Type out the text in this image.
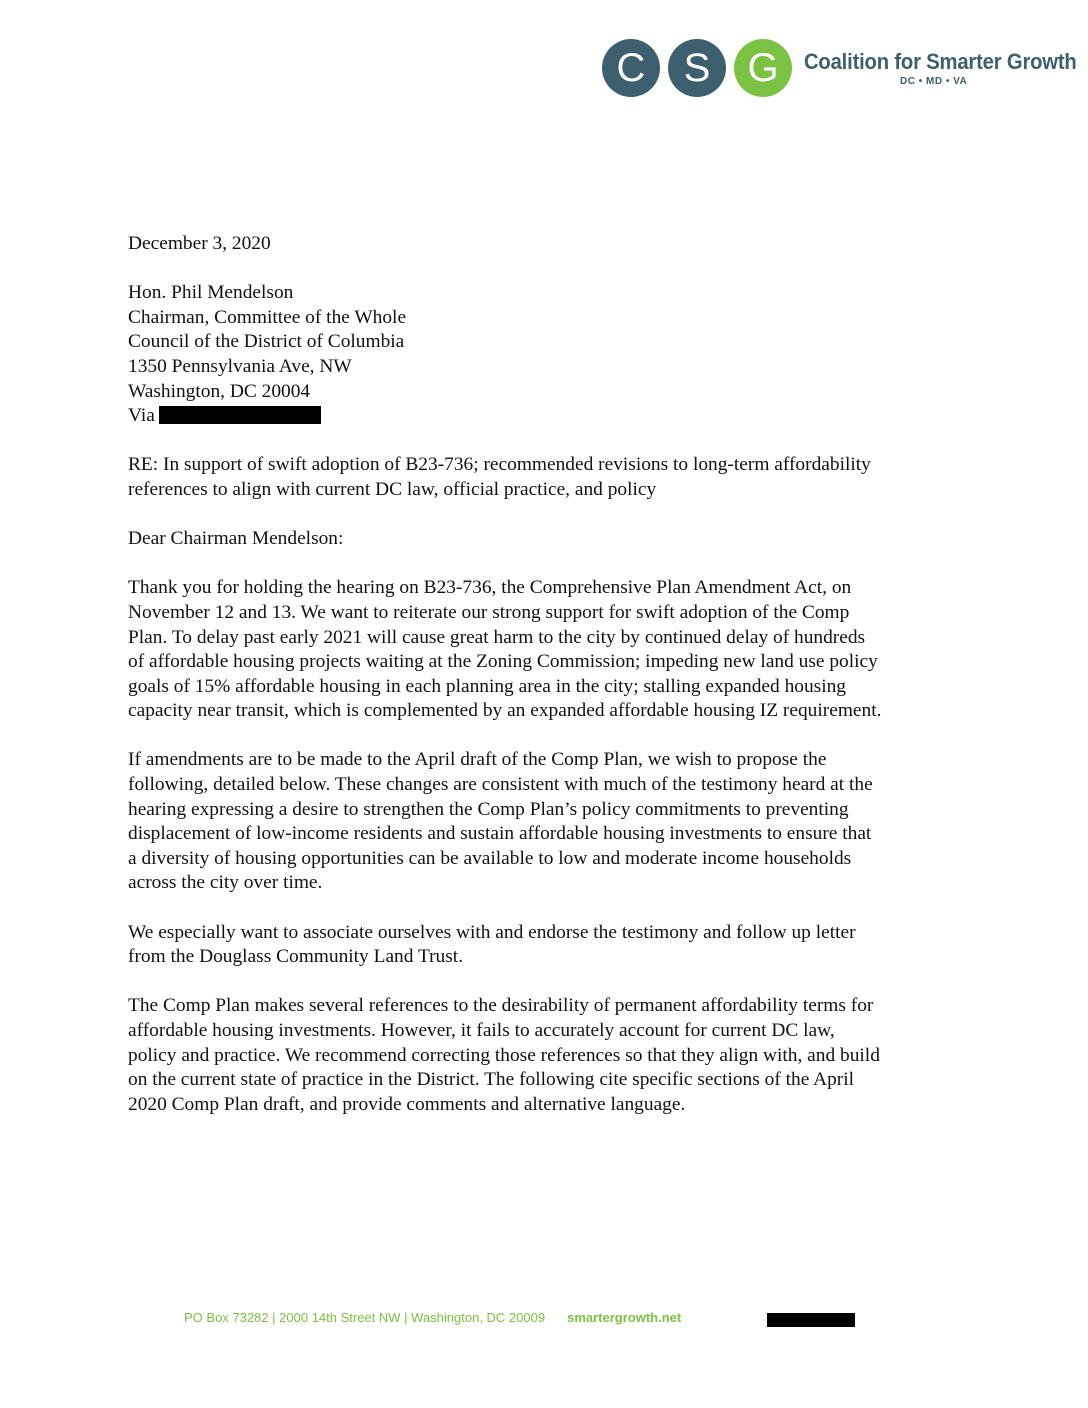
C S G	Coalition for Smarter Growth
DC • MD • VA
December 3, 2020
Hon. Phil Mendelson
Chairman, Committee of the Whole
Council of the District of Columbia
1350 Pennsylvania Ave, NW
Washington, DC 20004
Via
RE: In support of swift adoption of B23-736; recommended revisions to long-term affordability
references to align with current DC law, official practice, and policy
Dear Chairman Mendelson:
Thank you for holding the hearing on B23-736, the Comprehensive Plan Amendment Act, on
November 12 and 13. We want to reiterate our strong support for swift adoption of the Comp
Plan. To delay past early 2021 will cause great harm to the city by continued delay of hundreds
of affordable housing projects waiting at the Zoning Commission; impeding new land use policy
goals of 15% affordable housing in each planning area in the city; stalling expanded housing
capacity near transit, which is complemented by an expanded affordable housing IZ requirement.
If amendments are to be made to the April draft of the Comp Plan, we wish to propose the
following, detailed below. These changes are consistent with much of the testimony heard at the
hearing expressing a desire to strengthen the Comp Plan’s policy commitments to preventing
displacement of low-income residents and sustain affordable housing investments to ensure that
a diversity of housing opportunities can be available to low and moderate income households
across the city over time.
We especially want to associate ourselves with and endorse the testimony and follow up letter
from the Douglass Community Land Trust.
The Comp Plan makes several references to the desirability of permanent affordability terms for
affordable housing investments. However, it fails to accurately account for current DC law,
policy and practice. We recommend correcting those references so that they align with, and build
on the current state of practice in the District. The following cite specific sections of the April
2020 Comp Plan draft, and provide comments and alternative language.
PO Box 73282 | 2000 14th Street NW | Washington, DC 20009 smartergrowth.net
